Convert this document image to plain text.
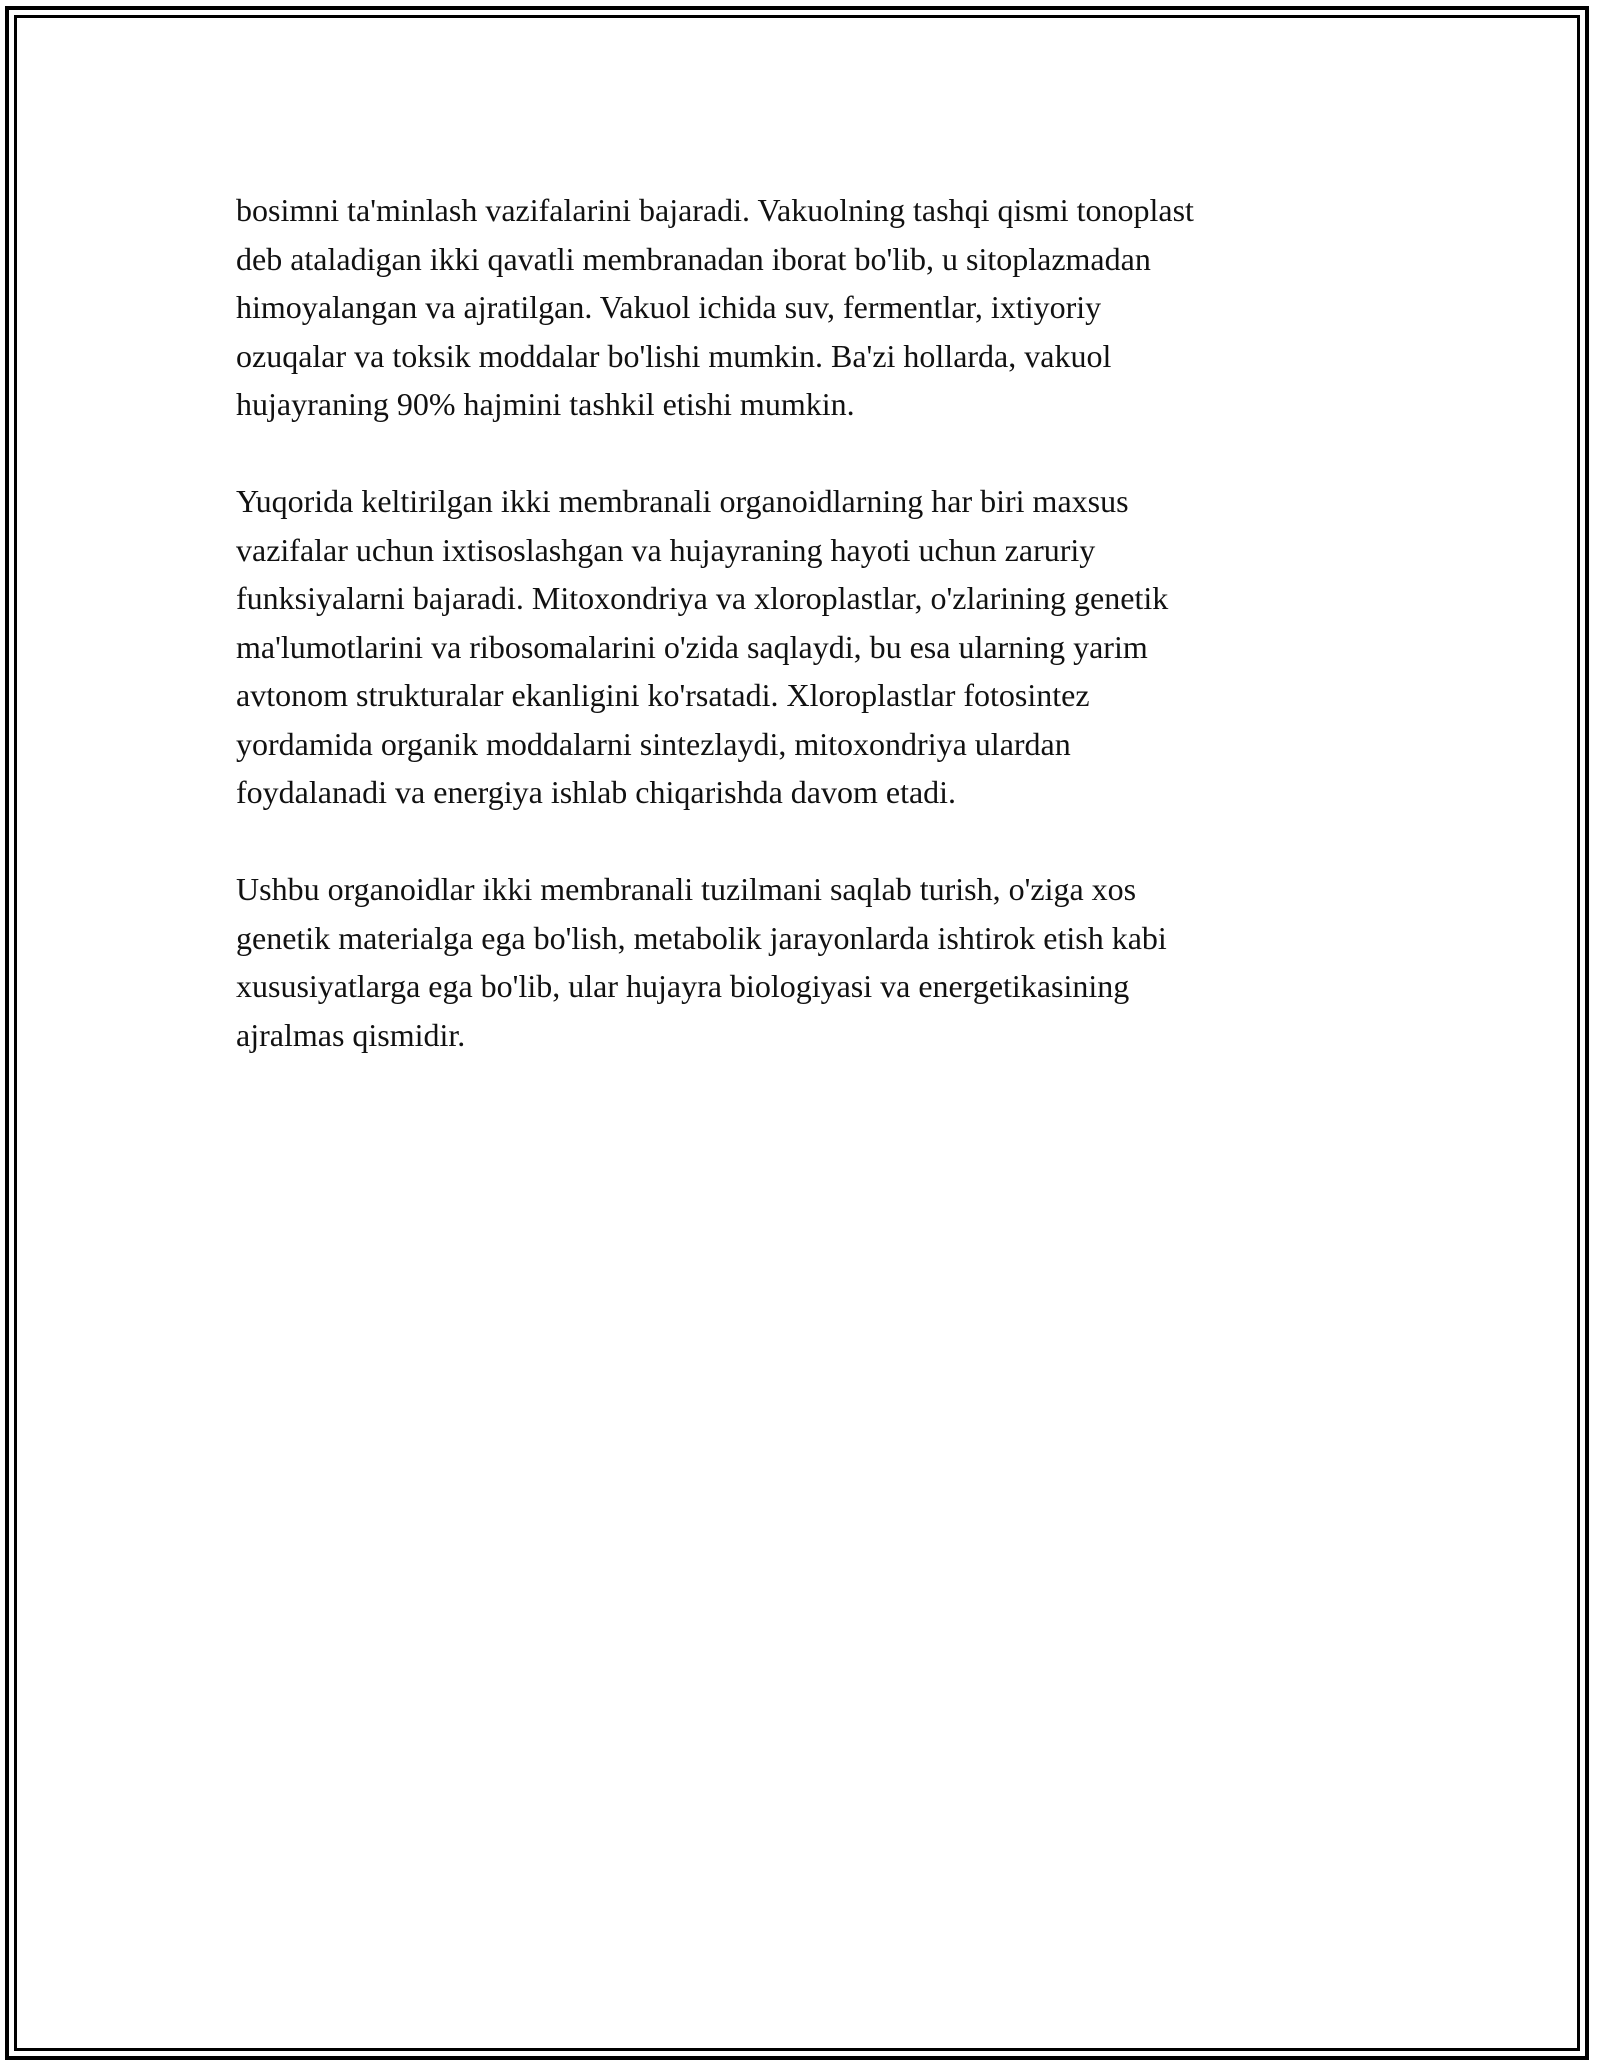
bosimni ta'minlash vazifalarini bajaradi. Vakuolning tashqi qismi tonoplast
deb ataladigan ikki qavatli membranadan iborat bo'lib, u sitoplazmadan
himoyalangan va ajratilgan. Vakuol ichida suv, fermentlar, ixtiyoriy
ozuqalar va toksik moddalar bo'lishi mumkin. Ba'zi hollarda, vakuol
hujayraning 90% hajmini tashkil etishi mumkin.

Yuqorida keltirilgan ikki membranali organoidlarning har biri maxsus
vazifalar uchun ixtisoslashgan va hujayraning hayoti uchun zaruriy
funksiyalarni bajaradi. Mitoxondriya va xloroplastlar, o'zlarining genetik
ma'lumotlarini va ribosomalarini o'zida saqlaydi, bu esa ularning yarim
avtonom strukturalar ekanligini ko'rsatadi. Xloroplastlar fotosintez
yordamida organik moddalarni sintezlaydi, mitoxondriya ulardan
foydalanadi va energiya ishlab chiqarishda davom etadi.

Ushbu organoidlar ikki membranali tuzilmani saqlab turish, o'ziga xos
genetik materialga ega bo'lish, metabolik jarayonlarda ishtirok etish kabi
xususiyatlarga ega bo'lib, ular hujayra biologiyasi va energetikasining
ajralmas qismidir.
